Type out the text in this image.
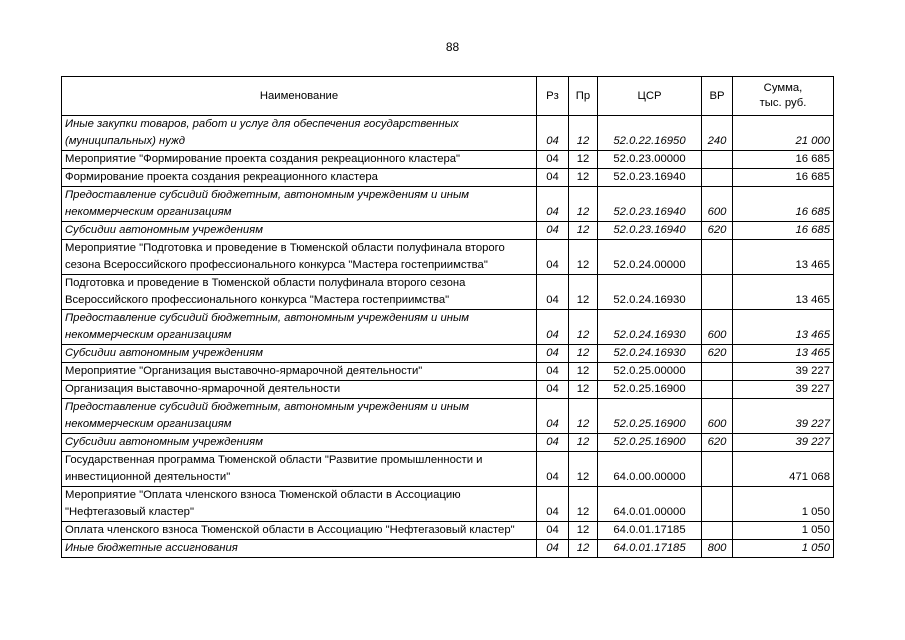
88
Наименование	Рз	Пр	ЦСР	ВР	Сумма,
тыс. руб.
Иные закупки товаров, работ и услуг для обеспечения государственных (муниципальных) нужд	04	12	52.0.22.16950	240	21 000
Мероприятие "Формирование проекта создания рекреационного кластера"	04	12	52.0.23.00000		16 685
Формирование проекта создания рекреационного кластера	04	12	52.0.23.16940		16 685
Предоставление субсидий бюджетным, автономным учреждениям и иным некоммерческим организациям	04	12	52.0.23.16940	600	16 685
Субсидии автономным учреждениям	04	12	52.0.23.16940	620	16 685
Мероприятие "Подготовка и проведение в Тюменской области полуфинала второго сезона Всероссийского профессионального конкурса "Мастера гостеприимства"	04	12	52.0.24.00000		13 465
Подготовка и проведение в Тюменской области полуфинала второго сезона Всероссийского профессионального конкурса "Мастера гостеприимства"	04	12	52.0.24.16930		13 465
Предоставление субсидий бюджетным, автономным учреждениям и иным некоммерческим организациям	04	12	52.0.24.16930	600	13 465
Субсидии автономным учреждениям	04	12	52.0.24.16930	620	13 465
Мероприятие "Организация выставочно-ярмарочной деятельности"	04	12	52.0.25.00000		39 227
Организация выставочно-ярмарочной деятельности	04	12	52.0.25.16900		39 227
Предоставление субсидий бюджетным, автономным учреждениям и иным некоммерческим организациям	04	12	52.0.25.16900	600	39 227
Субсидии автономным учреждениям	04	12	52.0.25.16900	620	39 227
Государственная программа Тюменской области "Развитие промышленности и инвестиционной деятельности"	04	12	64.0.00.00000		471 068
Мероприятие "Оплата членского взноса Тюменской области в Ассоциацию "Нефтегазовый кластер"	04	12	64.0.01.00000		1 050
Оплата членского взноса Тюменской области в Ассоциацию "Нефтегазовый кластер"	04	12	64.0.01.17185		1 050
Иные бюджетные ассигнования	04	12	64.0.01.17185	800	1 050
